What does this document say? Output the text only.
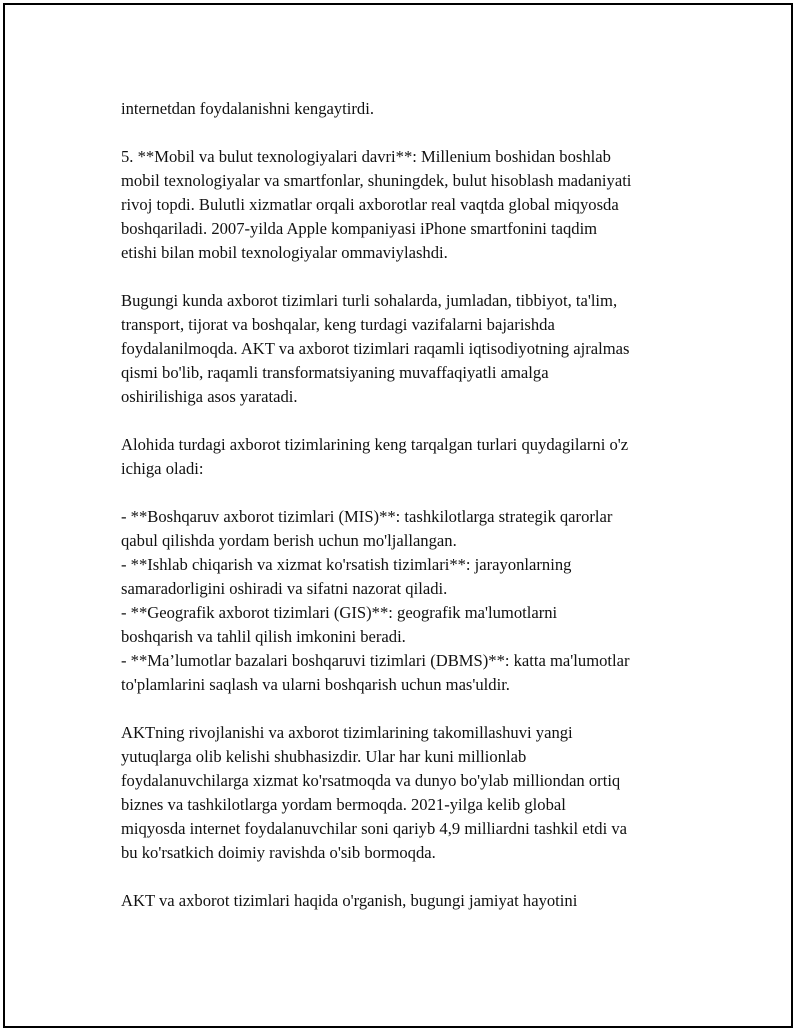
internetdan foydalanishni kengaytirdi.
5. **Mobil va bulut texnologiyalari davri**: Millenium boshidan boshlab
mobil texnologiyalar va smartfonlar, shuningdek, bulut hisoblash madaniyati
rivoj topdi. Bulutli xizmatlar orqali axborotlar real vaqtda global miqyosda
boshqariladi. 2007-yilda Apple kompaniyasi iPhone smartfonini taqdim
etishi bilan mobil texnologiyalar ommaviylashdi.
Bugungi kunda axborot tizimlari turli sohalarda, jumladan, tibbiyot, ta'lim,
transport, tijorat va boshqalar, keng turdagi vazifalarni bajarishda
foydalanilmoqda. AKT va axborot tizimlari raqamli iqtisodiyotning ajralmas
qismi bo'lib, raqamli transformatsiyaning muvaffaqiyatli amalga
oshirilishiga asos yaratadi.
Alohida turdagi axborot tizimlarining keng tarqalgan turlari quydagilarni o'z
ichiga oladi:
- **Boshqaruv axborot tizimlari (MIS)**: tashkilotlarga strategik qarorlar
qabul qilishda yordam berish uchun mo'ljallangan.
- **Ishlab chiqarish va xizmat ko'rsatish tizimlari**: jarayonlarning
samaradorligini oshiradi va sifatni nazorat qiladi.
- **Geografik axborot tizimlari (GIS)**: geografik ma'lumotlarni
boshqarish va tahlil qilish imkonini beradi.
- **Ma’lumotlar bazalari boshqaruvi tizimlari (DBMS)**: katta ma'lumotlar
to'plamlarini saqlash va ularni boshqarish uchun mas'uldir.
AKTning rivojlanishi va axborot tizimlarining takomillashuvi yangi
yutuqlarga olib kelishi shubhasizdir. Ular har kuni millionlab
foydalanuvchilarga xizmat ko'rsatmoqda va dunyo bo'ylab milliondan ortiq
biznes va tashkilotlarga yordam bermoqda. 2021-yilga kelib global
miqyosda internet foydalanuvchilar soni qariyb 4,9 milliardni tashkil etdi va
bu ko'rsatkich doimiy ravishda o'sib bormoqda.
AKT va axborot tizimlari haqida o'rganish, bugungi jamiyat hayotini
